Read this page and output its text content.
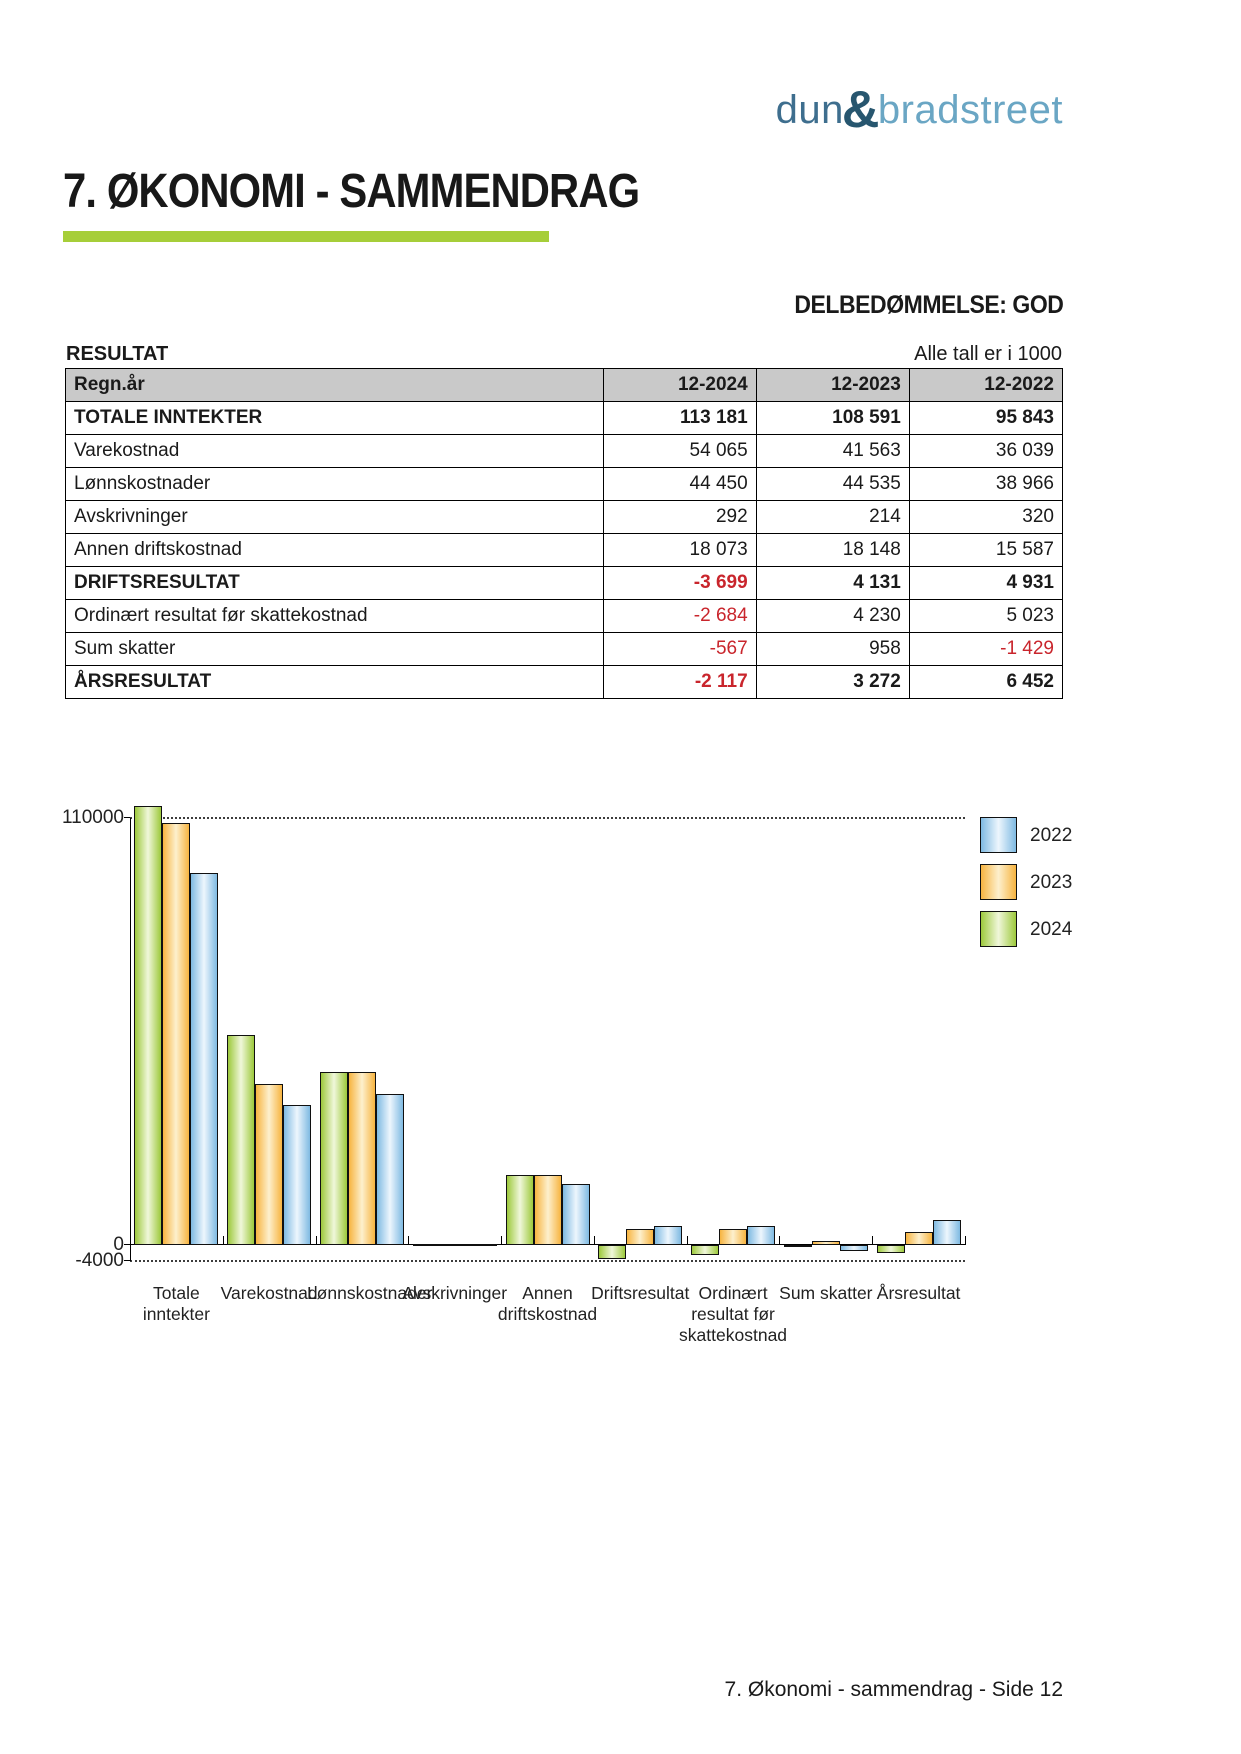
dun&bradstreet
7. ØKONOMI - SAMMENDRAG
DELBEDØMMELSE: GOD
RESULTAT	Alle tall er i 1000
Regn.år	12-2024	12-2023	12-2022
TOTALE INNTEKTER	113 181	108 591	95 843
Varekostnad	54 065	41 563	36 039
Lønnskostnader	44 450	44 535	38 966
Avskrivninger	292	214	320
Annen driftskostnad	18 073	18 148	15 587
DRIFTSRESULTAT	-3 699	4 131	4 931
Ordinært resultat før skattekostnad	-2 684	4 230	5 023
Sum skatter	-567	958	-1 429
ÅRSRESULTAT	-2 117	3 272	6 452
110000
0
-4000
Totale inntekter
Varekostnad
Lønnskostnader
Avskrivninger Annen driftskostnad
Driftsresultat Ordinært resultat før skattekostnad
Sum skatter Årsresultat
2022
2023
2024
7. Økonomi - sammendrag - Side 12
